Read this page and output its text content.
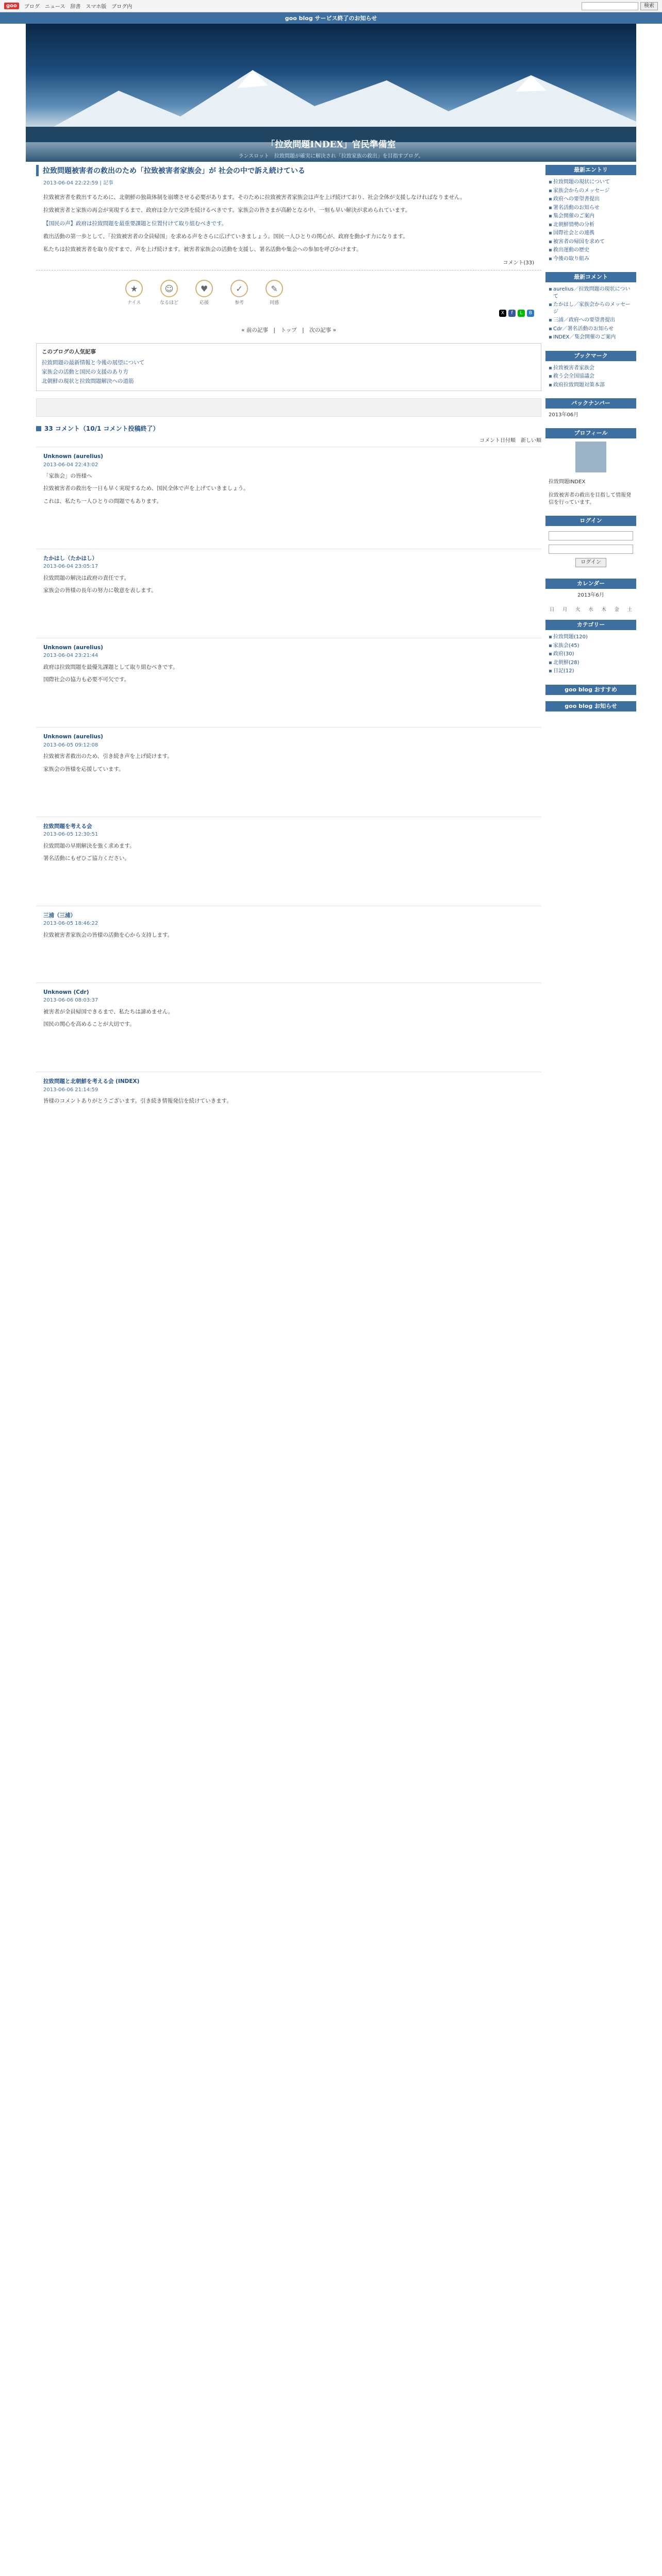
goo	ブログ　ニュース　辞書　スマホ版　ブログ内	検索
goo blog サービス終了のお知らせ
「拉致問題INDEX」官民準備室
ランスロット　拉致問題が確実に解決され「拉致家族の救出」を目指すブログ。
拉致問題被害者の救出のため「拉致被害者家族会」が 社会の中で訴え続けている
2013-06-04 22:22:59 | 記事

拉致被害者を救出するために、北朝鮮の独裁体制を崩壊させる必要があります。そのために拉致被害者家族会は声を上げ続けており、社会全体が支援しなければなりません。

拉致被害者と家族の再会が実現するまで、政府は全力で交渉を続けるべきです。家族会の皆さまが高齢となる中、一刻も早い解決が求められています。

【国民の声】政府は拉致問題を最重要課題と位置付けて取り組むべきです。

救出活動の第一歩として、「拉致被害者の全員帰国」を求める声をさらに広げていきましょう。国民一人ひとりの関心が、政府を動かす力になります。

私たちは拉致被害者を取り戻すまで、声を上げ続けます。被害者家族会の活動を支援し、署名活動や集会への参加を呼びかけます。

コメント(33)
★
ナイス
☺
なるほど
♥
応援
✓
参考
✎
同感
X	f	L	B
« 前の記事　|　トップ　|　次の記事 »
このブログの人気記事
拉致問題の最新情報と今後の展望について
家族会の活動と国民の支援のあり方
北朝鮮の現状と拉致問題解決への道筋
33 コメント（10/1 コメント投稿終了）
コメント日付順　新しい順
Unknown (aurelius)
2013-06-04 22:43:02

「家族会」の皆様へ

拉致被害者の救出を一日も早く実現するため、国民全体で声を上げていきましょう。

これは、私たち一人ひとりの問題でもあります。

たかはし（たかはし）
2013-06-04 23:05:17

拉致問題の解決は政府の責任です。

家族会の皆様の長年の努力に敬意を表します。

Unknown (aurelius)
2013-06-04 23:21:44

政府は拉致問題を最優先課題として取り組むべきです。

国際社会の協力も必要不可欠です。

Unknown (aurelius)
2013-06-05 09:12:08

拉致被害者救出のため、引き続き声を上げ続けます。

家族会の皆様を応援しています。

拉致問題を考える会
2013-06-05 12:30:51

拉致問題の早期解決を強く求めます。

署名活動にもぜひご協力ください。

三浦（三浦）
2013-06-05 18:46:22

拉致被害者家族会の皆様の活動を心から支持します。

Unknown (Cdr)
2013-06-06 08:03:37

被害者が全員帰国できるまで、私たちは諦めません。

国民の関心を高めることが大切です。

拉致問題と北朝鮮を考える会 (INDEX)
2013-06-06 21:14:59

皆様のコメントありがとうございます。引き続き情報発信を続けていきます。

最新エントリ
▪ 拉致問題の現状について
▪ 家族会からのメッセージ
▪ 政府への要望書提出
▪ 署名活動のお知らせ
▪ 集会開催のご案内
▪ 北朝鮮情勢の分析
▪ 国際社会との連携
▪ 被害者の帰国を求めて
▪ 救出運動の歴史
▪ 今後の取り組み
最新コメント
▪ aurelius／拉致問題の現状について
▪ たかはし／家族会からのメッセージ
▪ 三浦／政府への要望書提出
▪ Cdr／署名活動のお知らせ
▪ INDEX／集会開催のご案内
ブックマーク
▪ 拉致被害者家族会
▪ 救う会全国協議会
▪ 政府拉致問題対策本部
バックナンバー
2013年06月
プロフィール
拉致問題INDEX
拉致被害者の救出を目指して情報発信を行っています。
ログイン

ログイン
カレンダー
2013年6月
日	月	火	水	木	金	土
カテゴリー
▪ 拉致問題(120)
▪ 家族会(45)
▪ 政府(30)
▪ 北朝鮮(28)
▪ 日記(12)
goo blog おすすめ
goo blog お知らせ
